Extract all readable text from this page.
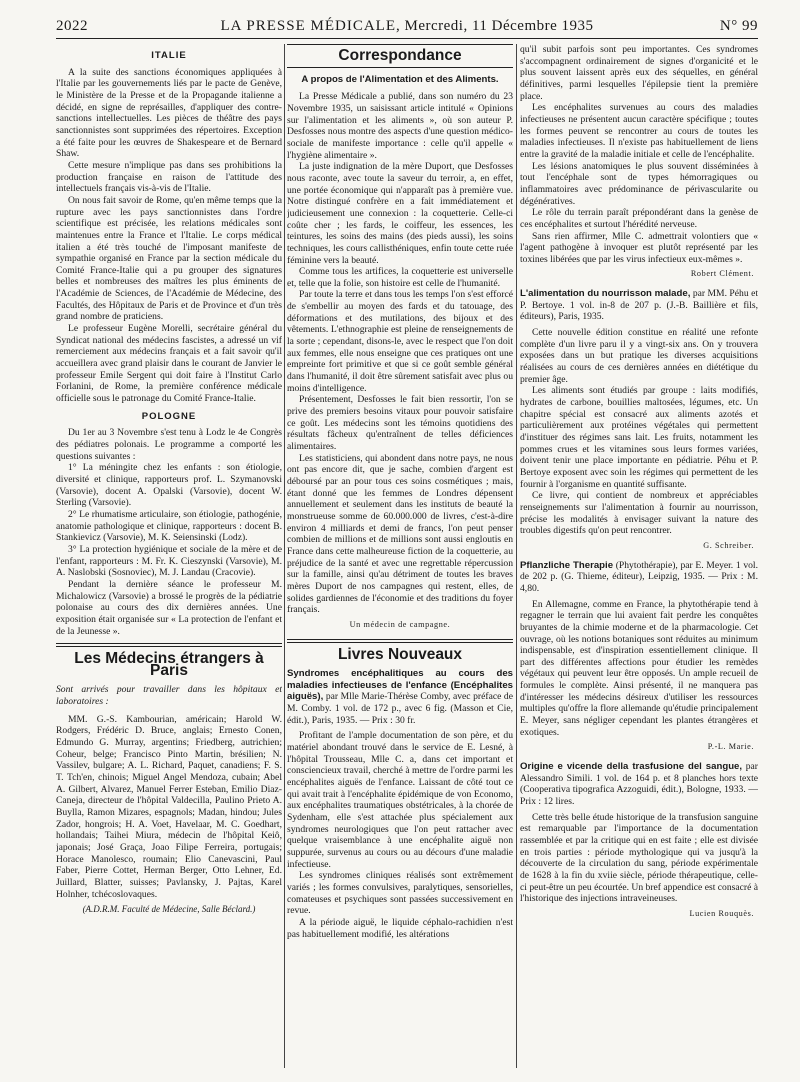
2022	LA PRESSE MÉDICALE, Mercredi, 11 Décembre 1935	N° 99
ITALIE

A la suite des sanctions économiques appliquées à l'Italie par les gouvernements liés par le pacte de Genève, le Ministère de la Presse et de la Propagande italienne a décidé, en signe de représailles, d'appliquer des contre-sanctions intellectuelles. Les pièces de théâtre des pays sanctionnistes sont supprimées des répertoires. Exception a été faite pour les œuvres de Shakespeare et de Bernard Shaw.

Cette mesure n'implique pas dans ses prohibitions la production française en raison de l'attitude des intellectuels français vis-à-vis de l'Italie.

On nous fait savoir de Rome, qu'en même temps que la rupture avec les pays sanctionnistes dans l'ordre scientifique est précisée, les relations médicales sont maintenues entre la France et l'Italie. Le corps médical italien a été très touché de l'imposant manifeste de sympathie organisé en France par la section médicale du Comité France-Italie qui a pu grouper des signatures belles et nombreuses des maîtres les plus éminents de l'Académie de Sciences, de l'Académie de Médecine, des Facultés, des Hôpitaux de Paris et de Province et d'un très grand nombre de praticiens.

Le professeur Eugène Morelli, secrétaire général du Syndicat national des médecins fascistes, a adressé un vif remerciement aux médecins français et a fait savoir qu'il accueillera avec grand plaisir dans le courant de Janvier le professeur Emile Sergent qui doit faire à l'Institut Carlo Forlanini, de Rome, la première conférence médicale officielle sous le patronage du Comité France-Italie.

POLOGNE

Du 1er au 3 Novembre s'est tenu à Lodz le 4e Congrès des pédiatres polonais. Le programme a comporté les questions suivantes :

1° La méningite chez les enfants : son étiologie, diversité et clinique, rapporteurs prof. L. Szymanovski (Varsovie), docent A. Opalski (Varsovie), docent W. Sterling (Varsovie).

2° Le rhumatisme articulaire, son étiologie, pathogénie, anatomie pathologique et clinique, rapporteurs : docent B. Stankievicz (Varsovie), M. K. Seiensinski (Lodz).

3° La protection hygiénique et sociale de la mère et de l'enfant, rapporteurs : M. Fr. K. Cieszynski (Varsovie), M. A. Naslobski (Sosnoviec), M. J. Landau (Cracovie).

Pendant la dernière séance le professeur M. Michalowicz (Varsovie) a brossé le progrès de la pédiatrie polonaise au cours des dix dernières années. Une exposition était organisée sur « La protection de l'enfant et de la Jeunesse ».

Les Médecins étrangers à Paris

Sont arrivés pour travailler dans les hôpitaux et laboratoires :

MM. G.-S. Kambourian, américain; Harold W. Rodgers, Frédéric D. Bruce, anglais; Ernesto Conen, Edmundo G. Murray, argentins; Friedberg, autrichien; Coheur, belge; Francisco Pinto Martin, brésilien; N. Vassilev, bulgare; A. L. Richard, Paquet, canadiens; F. S. T. Tch'en, chinois; Miguel Angel Mendoza, cubain; Abel A. Gilbert, Alvarez, Manuel Ferrer Esteban, Emilio Diaz-Caneja, directeur de l'hôpital Valdecilla, Paulino Prieto A. Buylla, Ramon Mizares, espagnols; Madan, hindou; Jules Zador, hongrois; H. A. Voet, Havelaar, M. C. Goedhart, hollandais; Taihei Miura, médecin de l'hôpital Keiô, japonais; José Graça, Joao Filipe Ferreira, portugais; Horace Manolesco, roumain; Elio Canevascini, Paul Faber, Pierre Cottet, Herman Berger, Otto Lehner, Ed. Juillard, Blatter, suisses; Pavlansky, J. Pajtas, Karel Holnher, tchécoslovaques.

(A.D.R.M. Faculté de Médecine, Salle Béclard.)
Correspondance
A propos de l'Alimentation et des Aliments.

La Presse Médicale a publié, dans son numéro du 23 Novembre 1935, un saisissant article intitulé « Opinions sur l'alimentation et les aliments », où son auteur P. Desfosses nous montre des aspects d'une question médico-sociale de manifeste importance : celle qu'il appelle « l'hygiène alimentaire ».

La juste indignation de la mère Duport, que Desfosses nous raconte, avec toute la saveur du terroir, a, en effet, une portée économique qui n'apparaît pas à première vue. Notre distingué confrère en a fait immédiatement et judicieusement une connexion : la coquetterie. Celle-ci coûte cher ; les fards, le coiffeur, les essences, les teintures, les soins des mains (des pieds aussi), les soins techniques, les cours callisthéniques, enfin toute cette ruée féminine vers la beauté.

Comme tous les artifices, la coquetterie est universelle et, telle que la folie, son histoire est celle de l'humanité.

Par toute la terre et dans tous les temps l'on s'est efforcé de s'embellir au moyen des fards et du tatouage, des déformations et des mutilations, des bijoux et des vêtements. L'ethnographie est pleine de renseignements de la sorte ; cependant, disons-le, avec le respect que l'on doit aux femmes, elle nous enseigne que ces pratiques ont une empreinte fort primitive et que si ce goût semble général dans l'humanité, il doit être sûrement satisfait avec plus ou moins d'intelligence.

Présentement, Desfosses le fait bien ressortir, l'on se prive des premiers besoins vitaux pour pouvoir satisfaire ce goût. Les médecins sont les témoins quotidiens des résultats fâcheux qu'entraînent de telles déficiences alimentaires.

Les statisticiens, qui abondent dans notre pays, ne nous ont pas encore dit, que je sache, combien d'argent est déboursé par an pour tous ces soins cosmétiques ; mais, étant donné que les femmes de Londres dépensent annuellement et seulement dans les instituts de beauté la monstrueuse somme de 60.000.000 de livres, c'est-à-dire environ 4 milliards et demi de francs, l'on peut penser combien de millions et de millions sont aussi engloutis en France dans cette malheureuse fiction de la coquetterie, au préjudice de la santé et avec une regrettable répercussion sur la famille, ainsi qu'au détriment de toutes les braves mères Duport de nos campagnes qui restent, elles, de solides gardiennes de l'économie et des traditions du foyer français.

Un médecin de campagne.
Livres Nouveaux

Syndromes encéphalitiques au cours des maladies infectieuses de l'enfance (Encéphalites aiguës), par Mlle Marie-Thérèse Comby, avec préface de M. Comby. 1 vol. de 172 p., avec 6 fig. (Masson et Cie, édit.), Paris, 1935. — Prix : 30 fr.

Profitant de l'ample documentation de son père, et du matériel abondant trouvé dans le service de E. Lesné, à l'hôpital Trousseau, Mlle C. a, dans cet important et consciencieux travail, cherché à mettre de l'ordre parmi les encéphalites aiguës de l'enfance. Laissant de côté tout ce qui avait trait à l'encéphalite épidémique de von Economo, aux encéphalites traumatiques obstétricales, à la chorée de Sydenham, elle s'est attachée plus spécialement aux syndromes neurologiques que l'on peut rattacher avec quelque vraisemblance à une encéphalite aiguë non suppurée, survenus au cours ou au décours d'une maladie infectieuse.

Les syndromes cliniques réalisés sont extrêmement variés ; les formes convulsives, paralytiques, sensorielles, comateuses et psychiques sont passées successivement en revue.

A la période aiguë, le liquide céphalo-rachidien n'est pas habituellement modifié, les altérations

qu'il subit parfois sont peu importantes. Ces syndromes s'accompagnent ordinairement de signes d'organicité et le plus souvent laissent après eux des séquelles, en général définitives, parmi lesquelles l'épilepsie tient la première place.

Les encéphalites survenues au cours des maladies infectieuses ne présentent aucun caractère spécifique ; toutes les formes peuvent se rencontrer au cours de toutes les maladies infectieuses. Il n'existe pas habituellement de liens entre la gravité de la maladie initiale et celle de l'encéphalite.

Les lésions anatomiques le plus souvent disséminées à tout l'encéphale sont de types hémorragiques ou inflammatoires avec prédominance de périvascularite ou dégénératives.

Le rôle du terrain paraît prépondérant dans la genèse de ces encéphalites et surtout l'hérédité nerveuse.

Sans rien affirmer, Mlle C. admettrait volontiers que « l'agent pathogène à invoquer est plutôt représenté par les toxines libérées que par les virus infectieux eux-mêmes ».

Robert Clément.

L'alimentation du nourrisson malade, par MM. Péhu et P. Bertoye. 1 vol. in-8 de 207 p. (J.-B. Baillière et fils, éditeurs), Paris, 1935.

Cette nouvelle édition constitue en réalité une refonte complète d'un livre paru il y a vingt-six ans. On y trouvera exposées dans un but pratique les diverses acquisitions réalisées au cours de ces dernières années en diététique du premier âge.

Les aliments sont étudiés par groupe : laits modifiés, hydrates de carbone, bouillies maltosées, légumes, etc. Un chapitre spécial est consacré aux aliments azotés et particulièrement aux protéines végétales qui permettent d'instituer des régimes sans lait. Les fruits, notamment les pommes crues et les vitamines sous leurs formes variées, doivent tenir une place importante en pédiatrie. Péhu et P. Bertoye exposent avec soin les régimes qui permettent de les fournir à l'organisme en quantité suffisante.

Ce livre, qui contient de nombreux et appréciables renseignements sur l'alimentation à fournir au nourrisson, précise les modalités à envisager suivant la nature des troubles digestifs qu'on peut rencontrer.

G. Schreiber.

Pflanzliche Therapie (Phytothérapie), par E. Meyer. 1 vol. de 202 p. (G. Thieme, éditeur), Leipzig, 1935. — Prix : M. 4,80.

En Allemagne, comme en France, la phytothérapie tend à regagner le terrain que lui avaient fait perdre les conquêtes bruyantes de la chimie moderne et de la pharmacologie. Cet ouvrage, où les notions botaniques sont réduites au minimum indispensable, est d'inspiration essentiellement clinique. Il part des différentes affections pour étudier les remèdes végétaux qui peuvent leur être opposés. Un ample recueil de formules le complète. Ainsi présenté, il ne manquera pas d'intéresser les médecins désireux d'utiliser les ressources multiples qu'offre la flore allemande qu'étudie principalement E. Meyer, sans négliger cependant les plantes étrangères et exotiques.

P.-L. Marie.

Origine e vicende della trasfusione del sangue, par Alessandro Simili. 1 vol. de 164 p. et 8 planches hors texte (Cooperativa tipografica Azzoguidi, édit.), Bologne, 1933. — Prix : 12 lires.

Cette très belle étude historique de la transfusion sanguine est remarquable par l'importance de la documentation rassemblée et par la critique qui en est faite ; elle est divisée en trois parties : période mythologique qui va jusqu'à la découverte de la circulation du sang, période expérimentale de 1628 à la fin du xviie siècle, période thérapeutique, celle-ci peut-être un peu écourtée. Un bref appendice est consacré à l'historique des injections intraveineuses.

Lucien Rouquès.
